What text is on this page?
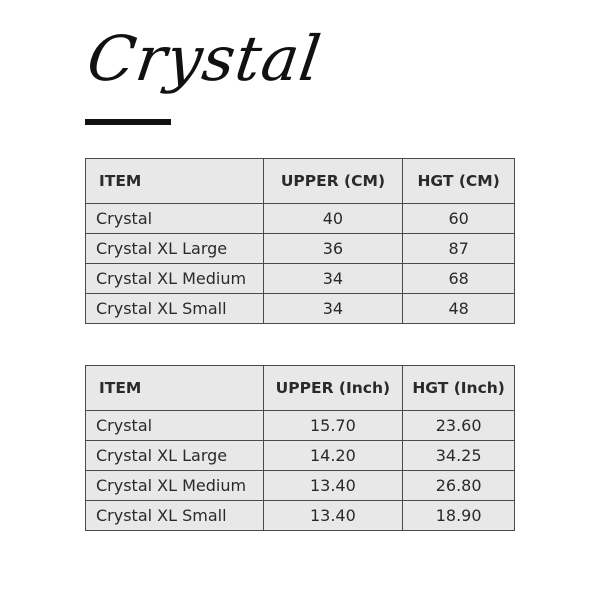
Crystal
ITEM	UPPER (CM)	HGT (CM)
Crystal	40	60
Crystal XL Large	36	87
Crystal XL Medium	34	68
Crystal XL Small	34	48
ITEM	UPPER (Inch)	HGT (Inch)
Crystal	15.70	23.60
Crystal XL Large	14.20	34.25
Crystal XL Medium	13.40	26.80
Crystal XL Small	13.40	18.90
